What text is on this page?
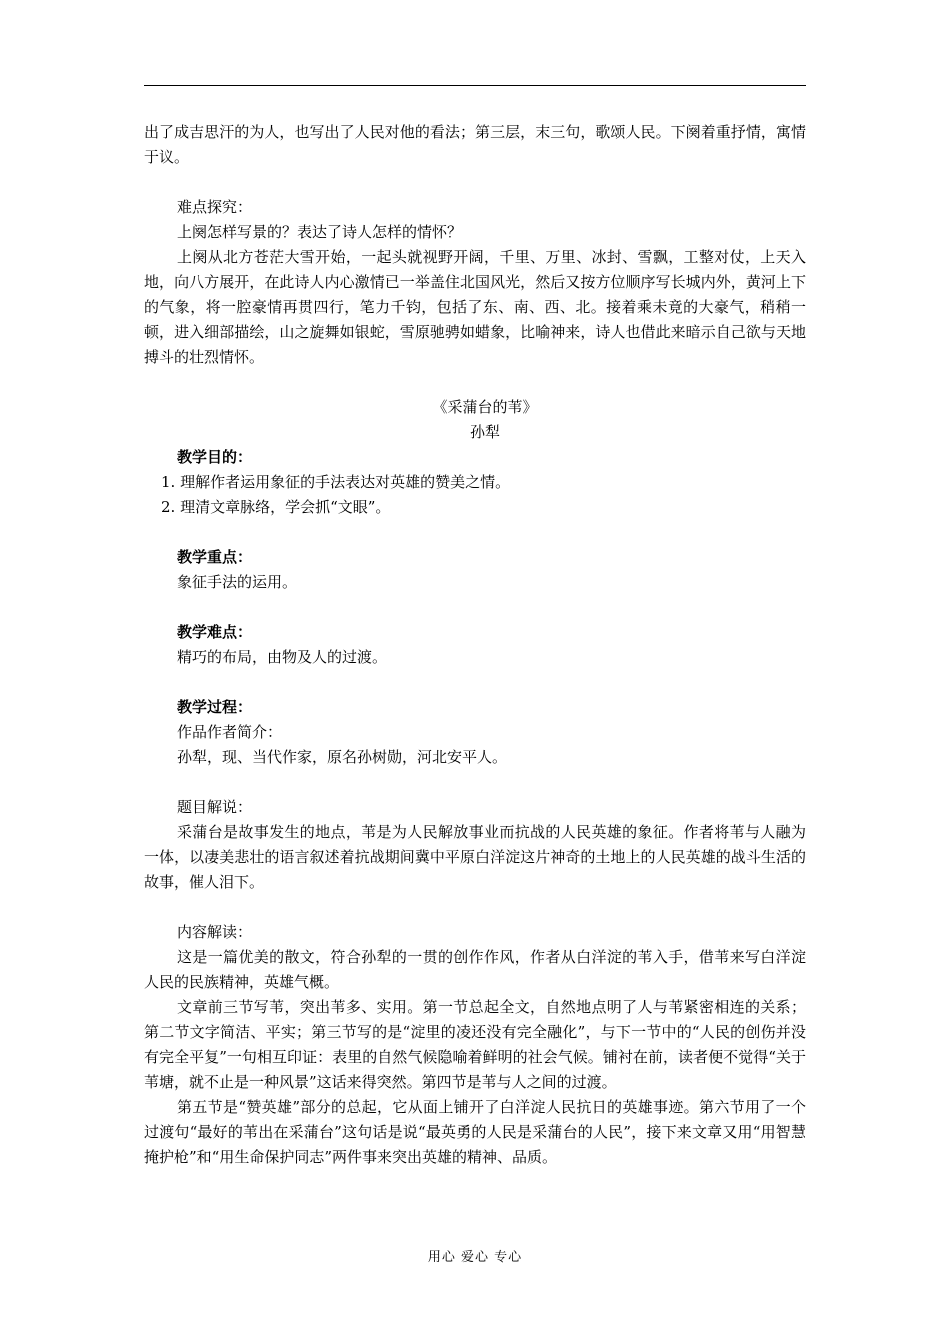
出了成吉思汗的为人，也写出了人民对他的看法；第三层，末三句，歌颂人民。下阕着重抒情，寓情于议。

难点探究：

上阕怎样写景的？表达了诗人怎样的情怀？

上阕从北方苍茫大雪开始，一起头就视野开阔，千里、万里、冰封、雪飘，工整对仗，上天入地，向八方展开，在此诗人内心激情已一举盖住北国风光，然后又按方位顺序写长城内外，黄河上下的气象，将一腔豪情再贯四行，笔力千钧，包括了东、南、西、北。接着乘未竟的大豪气，稍稍一顿，进入细部描绘，山之旋舞如银蛇，雪原驰骋如蜡象，比喻神来，诗人也借此来暗示自己欲与天地搏斗的壮烈情怀。

《采蒲台的苇》

孙犁

教学目的：

1. 理解作者运用象征的手法表达对英雄的赞美之情。

2. 理清文章脉络，学会抓“文眼”。

教学重点：

象征手法的运用。

教学难点：

精巧的布局，由物及人的过渡。

教学过程：

作品作者简介：

孙犁，现、当代作家，原名孙树勋，河北安平人。

题目解说：

采蒲台是故事发生的地点，苇是为人民解放事业而抗战的人民英雄的象征。作者将苇与人融为一体，以凄美悲壮的语言叙述着抗战期间冀中平原白洋淀这片神奇的土地上的人民英雄的战斗生活的故事，催人泪下。

内容解读：

这是一篇优美的散文，符合孙犁的一贯的创作作风，作者从白洋淀的苇入手，借苇来写白洋淀人民的民族精神，英雄气概。

文章前三节写苇，突出苇多、实用。第一节总起全文，自然地点明了人与苇紧密相连的关系；第二节文字简洁、平实；第三节写的是“淀里的凌还没有完全融化”，与下一节中的“人民的创伤并没有完全平复”一句相互印证：表里的自然气候隐喻着鲜明的社会气候。铺衬在前，读者便不觉得“关于苇塘，就不止是一种风景”这话来得突然。第四节是苇与人之间的过渡。

第五节是“赞英雄”部分的总起，它从面上铺开了白洋淀人民抗日的英雄事迹。第六节用了一个过渡句“最好的苇出在采蒲台”这句话是说“最英勇的人民是采蒲台的人民”，接下来文章又用“用智慧掩护枪”和“用生命保护同志”两件事来突出英雄的精神、品质。

用心 爱心 专心
